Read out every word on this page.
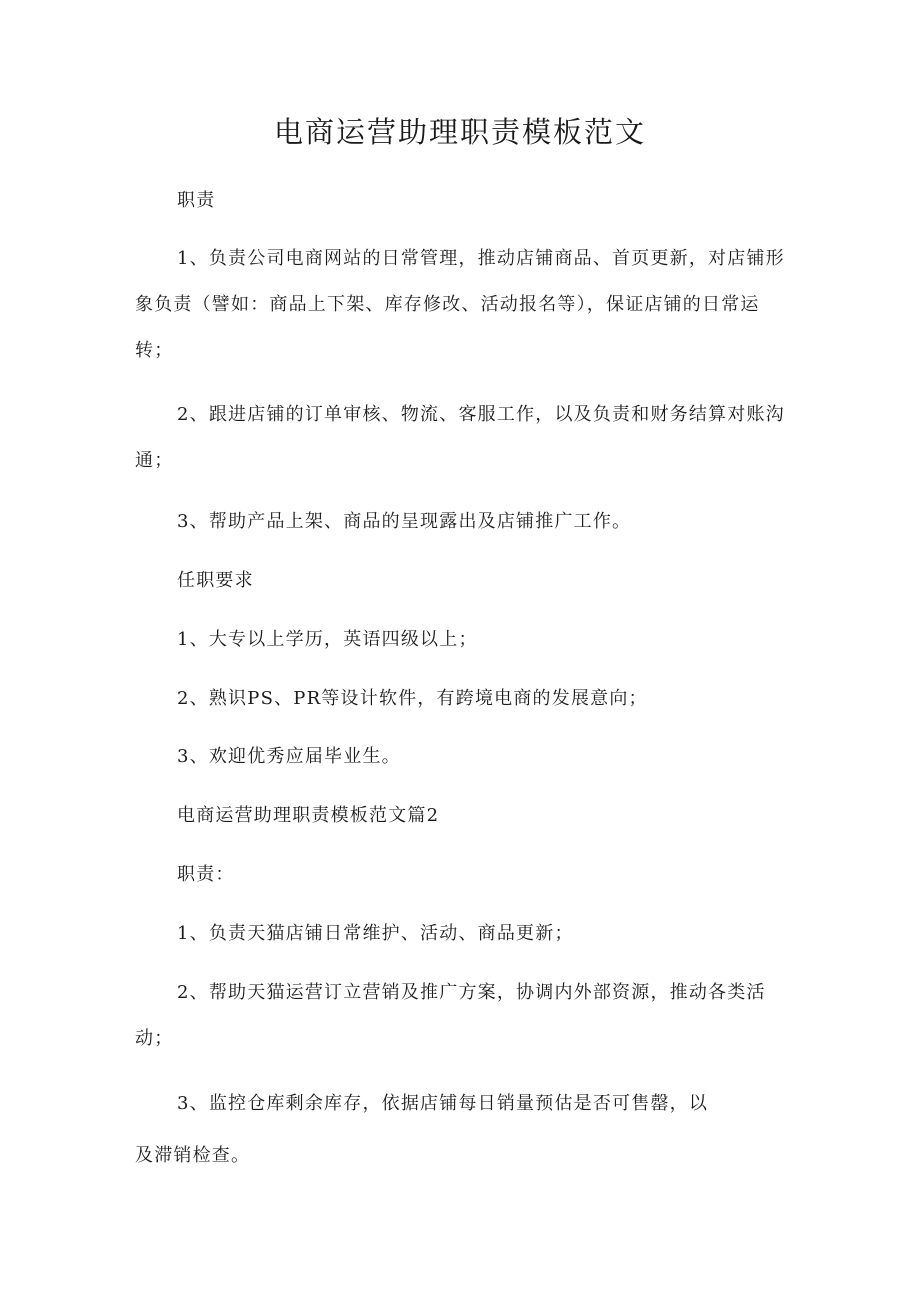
电商运营助理职责模板范文

职责

1、负责公司电商网站的日常管理，推动店铺商品、首页更新，对店铺形象负责（譬如：商品上下架、库存修改、活动报名等），保证店铺的日常运转；

2、跟进店铺的订单审核、物流、客服工作，以及负责和财务结算对账沟通；

3、帮助产品上架、商品的呈现露出及店铺推广工作。

任职要求

1、大专以上学历，英语四级以上；

2、熟识PS、PR等设计软件，有跨境电商的发展意向；

3、欢迎优秀应届毕业生。

电商运营助理职责模板范文篇2

职责：

1、负责天猫店铺日常维护、活动、商品更新；

2、帮助天猫运营订立营销及推广方案，协调内外部资源，推动各类活动；

3、监控仓库剩余库存，依据店铺每日销量预估是否可售罄，以

及滞销检查。
